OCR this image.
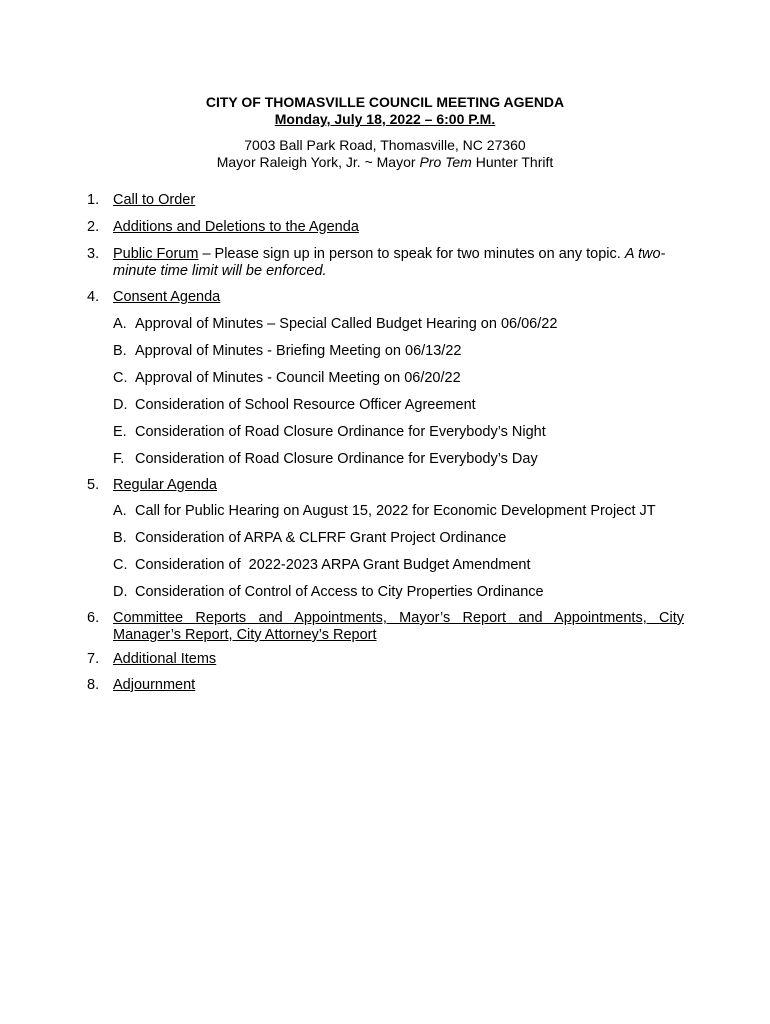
CITY OF THOMASVILLE COUNCIL MEETING AGENDA
Monday, July 18, 2022 – 6:00 P.M.
7003 Ball Park Road, Thomasville, NC 27360
Mayor Raleigh York, Jr. ~ Mayor Pro Tem Hunter Thrift
1. Call to Order
2. Additions and Deletions to the Agenda
3. Public Forum – Please sign up in person to speak for two minutes on any topic. A two-minute time limit will be enforced.
4. Consent Agenda
A. Approval of Minutes – Special Called Budget Hearing on 06/06/22
B. Approval of Minutes - Briefing Meeting on 06/13/22
C. Approval of Minutes - Council Meeting on 06/20/22
D. Consideration of School Resource Officer Agreement
E. Consideration of Road Closure Ordinance for Everybody’s Night
F. Consideration of Road Closure Ordinance for Everybody’s Day
5. Regular Agenda
A. Call for Public Hearing on August 15, 2022 for Economic Development Project JT
B. Consideration of ARPA & CLFRF Grant Project Ordinance
C. Consideration of  2022-2023 ARPA Grant Budget Amendment
D. Consideration of Control of Access to City Properties Ordinance
6. Committee Reports and Appointments, Mayor’s Report and Appointments, City Manager’s Report, City Attorney’s Report
7. Additional Items
8. Adjournment
